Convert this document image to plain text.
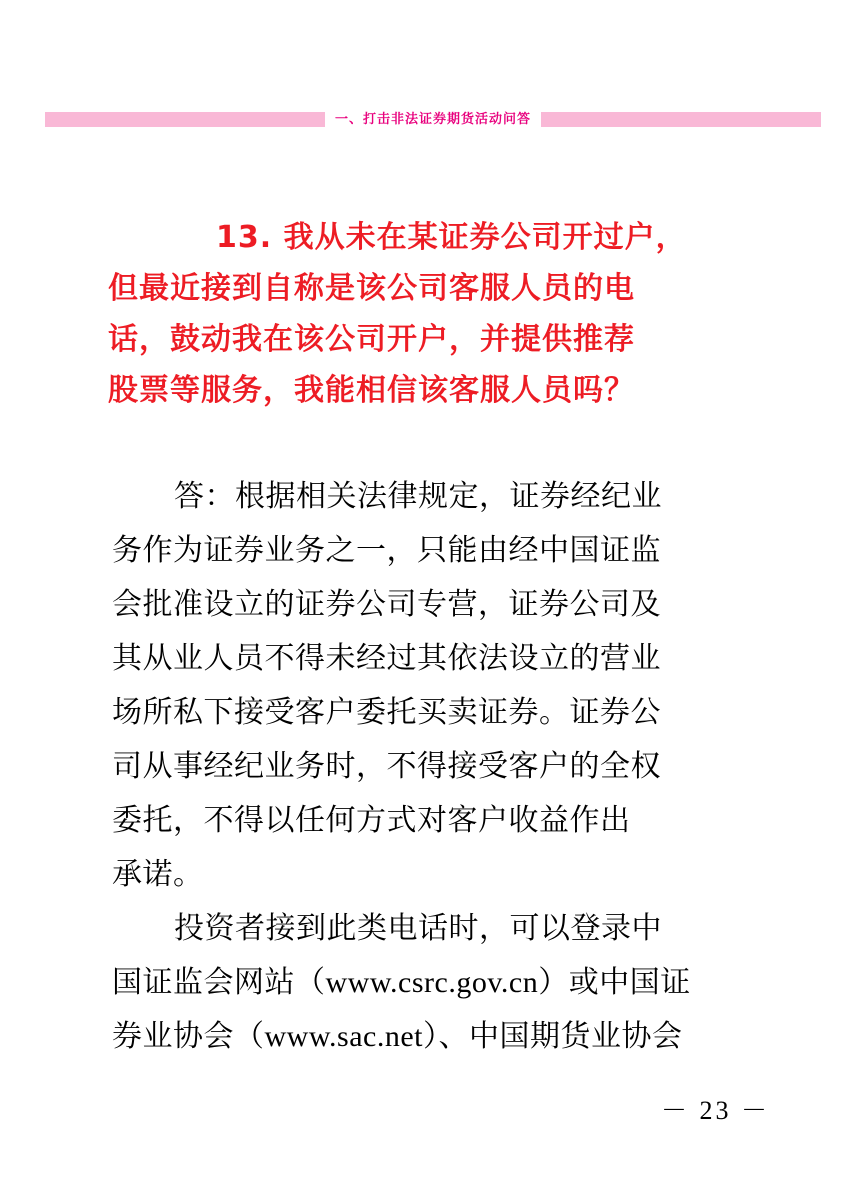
一、打击非法证券期货活动问答
13. 我从未在某证券公司开过户，
但最近接到自称是该公司客服人员的电
话，鼓动我在该公司开户，并提供推荐
股票等服务，我能相信该客服人员吗？
答：根据相关法律规定，证券经纪业
务作为证券业务之一，只能由经中国证监
会批准设立的证券公司专营，证券公司及
其从业人员不得未经过其依法设立的营业
场所私下接受客户委托买卖证券。证券公
司从事经纪业务时，不得接受客户的全权
委托，不得以任何方式对客户收益作出
承诺。
投资者接到此类电话时，可以登录中
国证监会网站（www.csrc.gov.cn）或中国证
券业协会（www.sac.net）、中国期货业协会
－ 23 －
